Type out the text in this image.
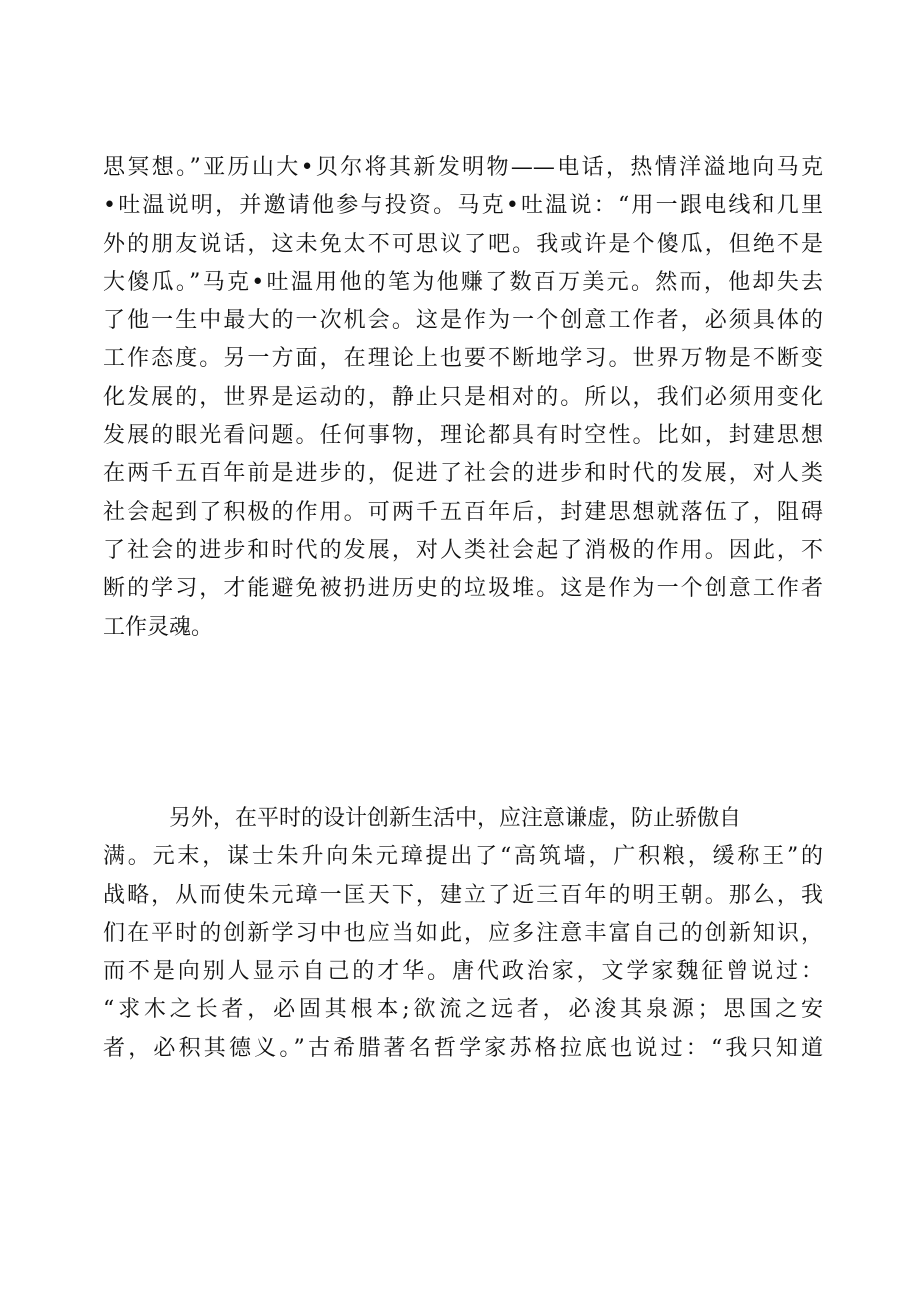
思冥想。”亚历山大•贝尔将其新发明物——电话，热情洋溢地向马克
•吐温说明，并邀请他参与投资。马克•吐温说：“用一跟电线和几里
外的朋友说话，这未免太不可思议了吧。我或许是个傻瓜，但绝不是
大傻瓜。”马克•吐温用他的笔为他赚了数百万美元。然而，他却失去
了他一生中最大的一次机会。这是作为一个创意工作者，必须具体的
工作态度。另一方面，在理论上也要不断地学习。世界万物是不断变
化发展的，世界是运动的，静止只是相对的。所以，我们必须用变化
发展的眼光看问题。任何事物，理论都具有时空性。比如，封建思想
在两千五百年前是进步的，促进了社会的进步和时代的发展，对人类
社会起到了积极的作用。可两千五百年后，封建思想就落伍了，阻碍
了社会的进步和时代的发展，对人类社会起了消极的作用。因此，不
断的学习，才能避免被扔进历史的垃圾堆。这是作为一个创意工作者
工作灵魂。
另外，在平时的设计创新生活中，应注意谦虚，防止骄傲自
满。元末，谋士朱升向朱元璋提出了“高筑墙，广积粮，缓称王”的
战略，从而使朱元璋一匡天下，建立了近三百年的明王朝。那么，我
们在平时的创新学习中也应当如此，应多注意丰富自己的创新知识，
而不是向别人显示自己的才华。唐代政治家，文学家魏征曾说过：
“求木之长者，必固其根本;欲流之远者，必浚其泉源；思国之安
者，必积其德义。”古希腊著名哲学家苏格拉底也说过：“我只知道
